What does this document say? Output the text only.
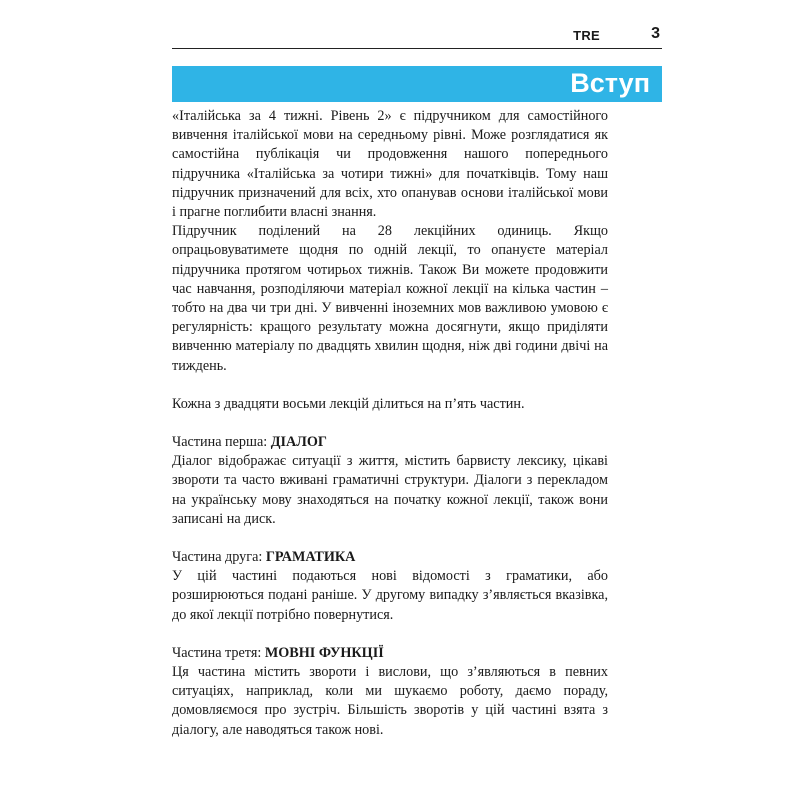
TRE	3
Вступ

«Італійська за 4 тижні. Рівень 2» є підручником для самостійного вивчення італійської мови на середньому рівні. Може розглядатися як самостійна публікація чи продовження нашого попереднього підручника «Італійська за чотири тижні» для початківців. Тому наш підручник призначений для всіх, хто опанував основи італійської мови і прагне поглибити власні знання.

Підручник поділений на 28 лекційних одиниць. Якщо опрацьовуватимете щодня по одній лекції, то опануєте матеріал підручника протягом чотирьох тижнів. Також Ви можете продовжити час навчання, розподіляючи матеріал кожної лекції на кілька частин – тобто на два чи три дні. У вивченні іноземних мов важливою умовою є регулярність: кращого результату можна досягнути, якщо приділяти вивченню матеріалу по двадцять хвилин щодня, ніж дві години двічі на тиждень.

Кожна з двадцяти восьми лекцій ділиться на п’ять частин.

Частина перша: ДІАЛОГ

Діалог відображає ситуації з життя, містить барвисту лексику, цікаві звороти та часто вживані граматичні структури. Діалоги з перекладом на українську мову знаходяться на початку кожної лекції, також вони записані на диск.

Частина друга: ГРАМАТИКА

У цій частині подаються нові відомості з граматики, або розширюються подані раніше. У другому випадку з’являється вказівка, до якої лекції потрібно повернутися.

Частина третя: МОВНІ ФУНКЦІЇ

Ця частина містить звороти і вислови, що з’являються в певних ситуаціях, наприклад, коли ми шукаємо роботу, даємо пораду, домовляємося про зустріч. Більшість зворотів у цій частині взята з діалогу, але наводяться також нові.
